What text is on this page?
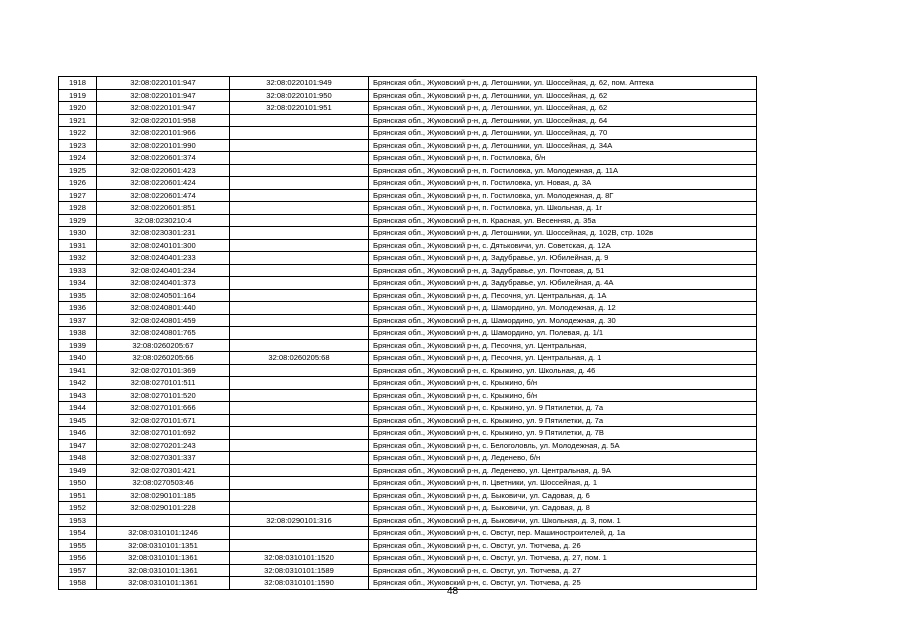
1918	32:08:0220101:947	32:08:0220101:949	Брянская обл., Жуковский р-н, д. Летошники, ул. Шоссейная, д. 62, пом. Аптека
1919	32:08:0220101:947	32:08:0220101:950	Брянская обл., Жуковский р-н, д. Летошники, ул. Шоссейная, д. 62
1920	32:08:0220101:947	32:08:0220101:951	Брянская обл., Жуковский р-н, д. Летошники, ул. Шоссейная, д. 62
1921	32:08:0220101:958		Брянская обл., Жуковский р-н, д. Летошники, ул. Шоссейная, д. 64
1922	32:08:0220101:966		Брянская обл., Жуковский р-н, д. Летошники, ул. Шоссейная, д. 70
1923	32:08:0220101:990		Брянская обл., Жуковский р-н, д. Летошники, ул. Шоссейная, д. 34А
1924	32:08:0220601:374		Брянская обл., Жуковский р-н, п. Гостиловка, б/н
1925	32:08:0220601:423		Брянская обл., Жуковский р-н, п. Гостиловка, ул. Молодежная, д. 11А
1926	32:08:0220601:424		Брянская обл., Жуковский р-н, п. Гостиловка, ул. Новая, д. 3А
1927	32:08:0220601:474		Брянская обл., Жуковский р-н, п. Гостиловка, ул. Молодежная, д. 8Г
1928	32:08:0220601:851		Брянская обл., Жуковский р-н, п. Гостиловка, ул. Школьная, д. 1г
1929	32:08:0230210:4		Брянская обл., Жуковский р-н, п. Красная, ул. Весенняя, д. 35а
1930	32:08:0230301:231		Брянская обл., Жуковский р-н, д. Летошники, ул. Шоссейная, д. 102В, стр. 102в
1931	32:08:0240101:300		Брянская обл., Жуковский р-н, с. Дятьковичи, ул. Советская, д. 12А
1932	32:08:0240401:233		Брянская обл., Жуковский р-н, д. Задубравье, ул. Юбилейная, д. 9
1933	32:08:0240401:234		Брянская обл., Жуковский р-н, д. Задубравье, ул. Почтовая, д. 51
1934	32:08:0240401:373		Брянская обл., Жуковский р-н, д. Задубравье, ул. Юбилейная, д. 4А
1935	32:08:0240501:164		Брянская обл., Жуковский р-н, д. Песочня, ул. Центральная, д. 1А
1936	32:08:0240801:440		Брянская обл., Жуковский р-н, д. Шамордино, ул. Молодежная, д. 12
1937	32:08:0240801:459		Брянская обл., Жуковский р-н, д. Шамордино, ул. Молодежная, д. 30
1938	32:08:0240801:765		Брянская обл., Жуковский р-н, д. Шамордино, ул. Полевая, д. 1/1
1939	32:08:0260205:67		Брянская обл., Жуковский р-н, д. Песочня, ул. Центральная,
1940	32:08:0260205:66	32:08:0260205:68	Брянская обл., Жуковский р-н, д. Песочня, ул. Центральная, д. 1
1941	32:08:0270101:369		Брянская обл., Жуковский р-н, с. Крыжино, ул. Школьная, д. 46
1942	32:08:0270101:511		Брянская обл., Жуковский р-н, с. Крыжино, б/н
1943	32:08:0270101:520		Брянская обл., Жуковский р-н, с. Крыжино, б/н
1944	32:08:0270101:666		Брянская обл., Жуковский р-н, с. Крыжино, ул. 9 Пятилетки, д. 7а
1945	32:08:0270101:671		Брянская обл., Жуковский р-н, с. Крыжино, ул. 9 Пятилетки, д. 7а
1946	32:08:0270101:692		Брянская обл., Жуковский р-н, с. Крыжино, ул. 9 Пятилетки, д. 7В
1947	32:08:0270201:243		Брянская обл., Жуковский р-н, с. Белоголовль, ул. Молодежная, д. 5А
1948	32:08:0270301:337		Брянская обл., Жуковский р-н, д. Леденево, б/н
1949	32:08:0270301:421		Брянская обл., Жуковский р-н, д. Леденево, ул. Центральная, д. 9А
1950	32:08:0270503:46		Брянская обл., Жуковский р-н, п. Цветники, ул. Шоссейная, д. 1
1951	32:08:0290101:185		Брянская обл., Жуковский р-н, д. Быковичи, ул. Садовая, д. 6
1952	32:08:0290101:228		Брянская обл., Жуковский р-н, д. Быковичи, ул. Садовая, д. 8
1953		32:08:0290101:316	Брянская обл., Жуковский р-н, д. Быковичи, ул. Школьная, д. 3, пом. 1
1954	32:08:0310101:1246		Брянская обл., Жуковский р-н, с. Овстуг, пер. Машиностроителей, д. 1а
1955	32:08:0310101:1351		Брянская обл., Жуковский р-н, с. Овстуг, ул. Тютчева, д. 26
1956	32:08:0310101:1361	32:08:0310101:1520	Брянская обл., Жуковский р-н, с. Овстуг, ул. Тютчева, д. 27, пом. 1
1957	32:08:0310101:1361	32:08:0310101:1589	Брянская обл., Жуковский р-н, с. Овстуг, ул. Тютчева, д. 27
1958	32:08:0310101:1361	32:08:0310101:1590	Брянская обл., Жуковский р-н, с. Овстуг, ул. Тютчева, д. 25
48
